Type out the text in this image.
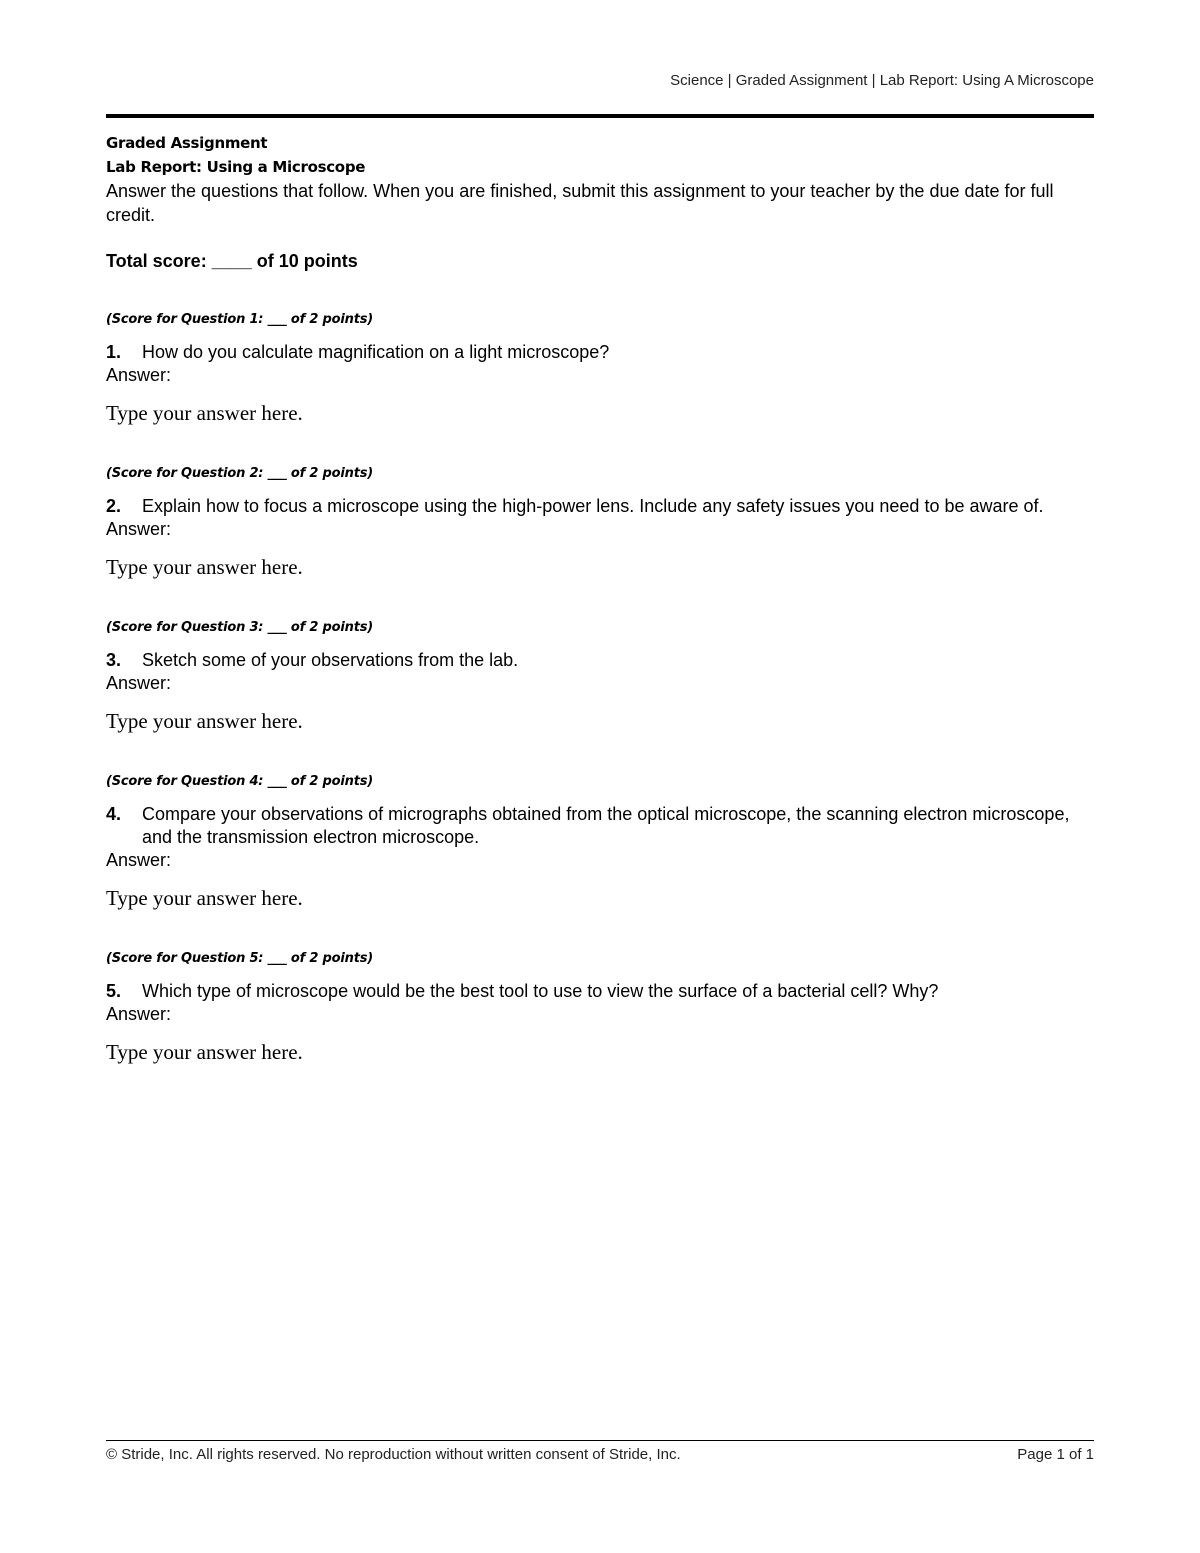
Science | Graded Assignment | Lab Report: Using A Microscope
Graded Assignment
Lab Report: Using a Microscope

Answer the questions that follow. When you are finished, submit this assignment to your teacher by the due date for full credit.

Total score: ____ of 10 points
(Score for Question 1: ___ of 2 points)
1.	How do you calculate magnification on a light microscope?
Answer:
Type your answer here.
(Score for Question 2: ___ of 2 points)
2.	Explain how to focus a microscope using the high-power lens. Include any safety issues you need to be aware of.
Answer:
Type your answer here.
(Score for Question 3: ___ of 2 points)
3.	Sketch some of your observations from the lab.
Answer:
Type your answer here.
(Score for Question 4: ___ of 2 points)
4.	Compare your observations of micrographs obtained from the optical microscope, the scanning electron microscope, and the transmission electron microscope.
Answer:
Type your answer here.
(Score for Question 5: ___ of 2 points)
5.	Which type of microscope would be the best tool to use to view the surface of a bacterial cell? Why?
Answer:
Type your answer here.
© Stride, Inc. All rights reserved. No reproduction without written consent of Stride, Inc.	Page 1 of 1
